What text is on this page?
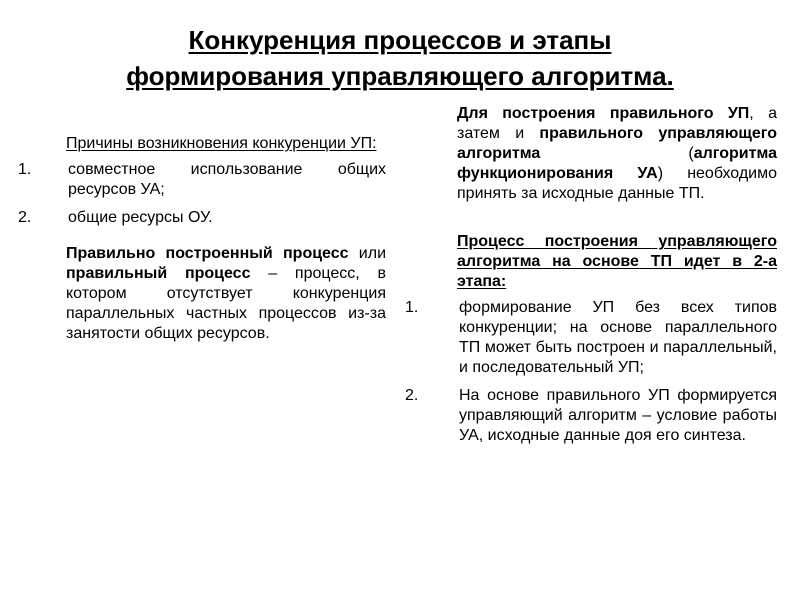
Конкуренция процессов и этапы
формирования управляющего алгоритма.
Причины возникновения конкуренции УП:
1. совместное использование общих ресурсов УА;
2. общие ресурсы ОУ.
Правильно построенный процесс или правильный процесс – процесс, в котором отсутствует конкуренция параллельных частных процессов из-за занятости общих ресурсов.
Для построения правильного УП, а затем и правильного управляющего алгоритма (алгоритма функционирования УА) необходимо принять за исходные данные ТП.
Процесс построения управляющего алгоритма на основе ТП идет в 2-а этапа:
1.	формирование УП без всех типов конкуренции; на основе параллельного ТП может быть построен и параллельный, и последовательный УП;
2.	На основе правильного УП формируется управляющий алгоритм – условие работы УА, исходные данные доя его синтеза.
